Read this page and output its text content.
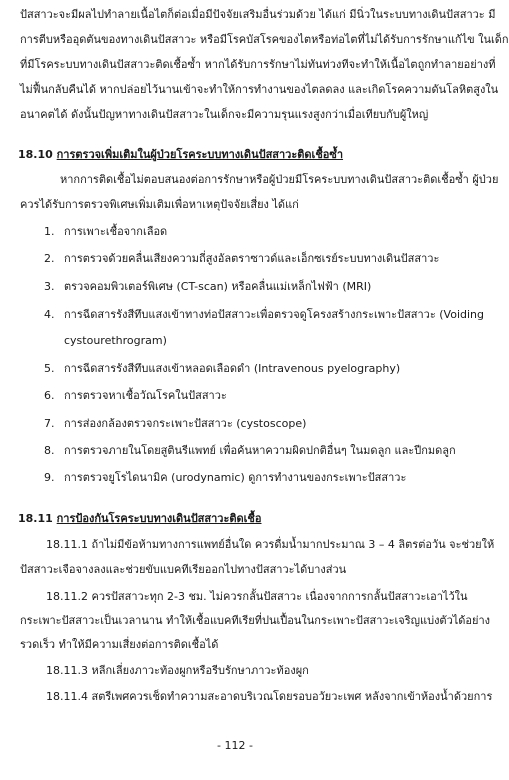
ปัสสาวะจะมีผลไปทำลายเนื้อไตก็ต่อเมื่อมีปัจจัยเสริมอื่นร่วมด้วย ได้แก่ มีนิ่วในระบบทางเดินปัสสาวะ มี
การตีบหรืออุดตันของทางเดินปัสสาวะ หรือมีโรคบัสโรคของไตหรือท่อไตที่ไม่ได้รับการรักษาแก้ไข ในเด็ก
ที่มีโรคระบบทางเดินปัสสาวะติดเชื้อซ้ำ หากได้รับการรักษาไม่ทันท่วงทีจะทำให้เนื้อไตถูกทำลายอย่างที่
ไม่ฟื้นกลับคืนได้ หากปล่อยไว้นานเข้าจะทำให้การทำงานของไตลดลง และเกิดโรคความดันโลหิตสูงใน
อนาคตได้ ดังนั้นปัญหาทางเดินปัสสาวะในเด็กจะมีความรุนแรงสูงกว่าเมื่อเทียบกับผู้ใหญ่
18.10 การตรวจเพิ่มเติมในผู้ป่วยโรคระบบทางเดินปัสสาวะติดเชื้อซ้ำ
หากการติดเชื้อไม่ตอบสนองต่อการรักษาหรือผู้ป่วยมีโรคระบบทางเดินปัสสาวะติดเชื้อซ้ำ ผู้ป่วย
ควรได้รับการตรวจพิเศษเพิ่มเติมเพื่อหาเหตุปัจจัยเสี่ยง ได้แก่
1. การเพาะเชื้อจากเลือด
2. การตรวจด้วยคลื่นเสียงความถี่สูงอัลตราซาวด์และเอ็กซเรย์ระบบทางเดินปัสสาวะ
3. ตรวจคอมพิวเตอร์พิเศษ (CT-scan) หรือคลื่นแม่เหล็กไฟฟ้า (MRI)
4. การฉีดสารรังสีทึบแสงเข้าทางท่อปัสสาวะเพื่อตรวจดูโครงสร้างกระเพาะปัสสาวะ (Voiding
cystourethrogram)
5. การฉีดสารรังสีทึบแสงเข้าหลอดเลือดดำ (Intravenous pyelography)
6. การตรวจหาเชื้อวัณโรคในปัสสาวะ
7. การส่องกล้องตรวจกระเพาะปัสสาวะ (cystoscope)
8. การตรวจภายในโดยสูตินรีแพทย์ เพื่อค้นหาความผิดปกติอื่นๆ ในมดลูก และปีกมดลูก
9. การตรวจยูโรไดนามิค (urodynamic) ดูการทำงานของกระเพาะปัสสาวะ
18.11 การป้องกันโรคระบบทางเดินปัสสาวะติดเชื้อ
18.11.1 ถ้าไม่มีข้อห้ามทางการแพทย์อื่นใด ควรดื่มน้ำมากประมาณ 3 – 4 ลิตรต่อวัน จะช่วยให้
ปัสสาวะเจือจางลงและช่วยขับแบคทีเรียออกไปทางปัสสาวะได้บางส่วน
18.11.2 ควรปัสสาวะทุก 2-3 ชม. ไม่ควรกลั้นปัสสาวะ เนื่องจากการกลั้นปัสสาวะเอาไว้ใน
กระเพาะปัสสาวะเป็นเวลานาน ทำให้เชื้อแบคทีเรียที่ปนเปื้อนในกระเพาะปัสสาวะเจริญแบ่งตัวได้อย่าง
รวดเร็ว ทำให้มีความเสี่ยงต่อการติดเชื้อได้
18.11.3 หลีกเลี่ยงภาวะท้องผูกหรือรีบรักษาภาวะท้องผูก
18.11.4 สตรีเพศควรเช็ดทำความสะอาดบริเวณโดยรอบอวัยวะเพศ หลังจากเข้าห้องน้ำด้วยการ
- 112 -
